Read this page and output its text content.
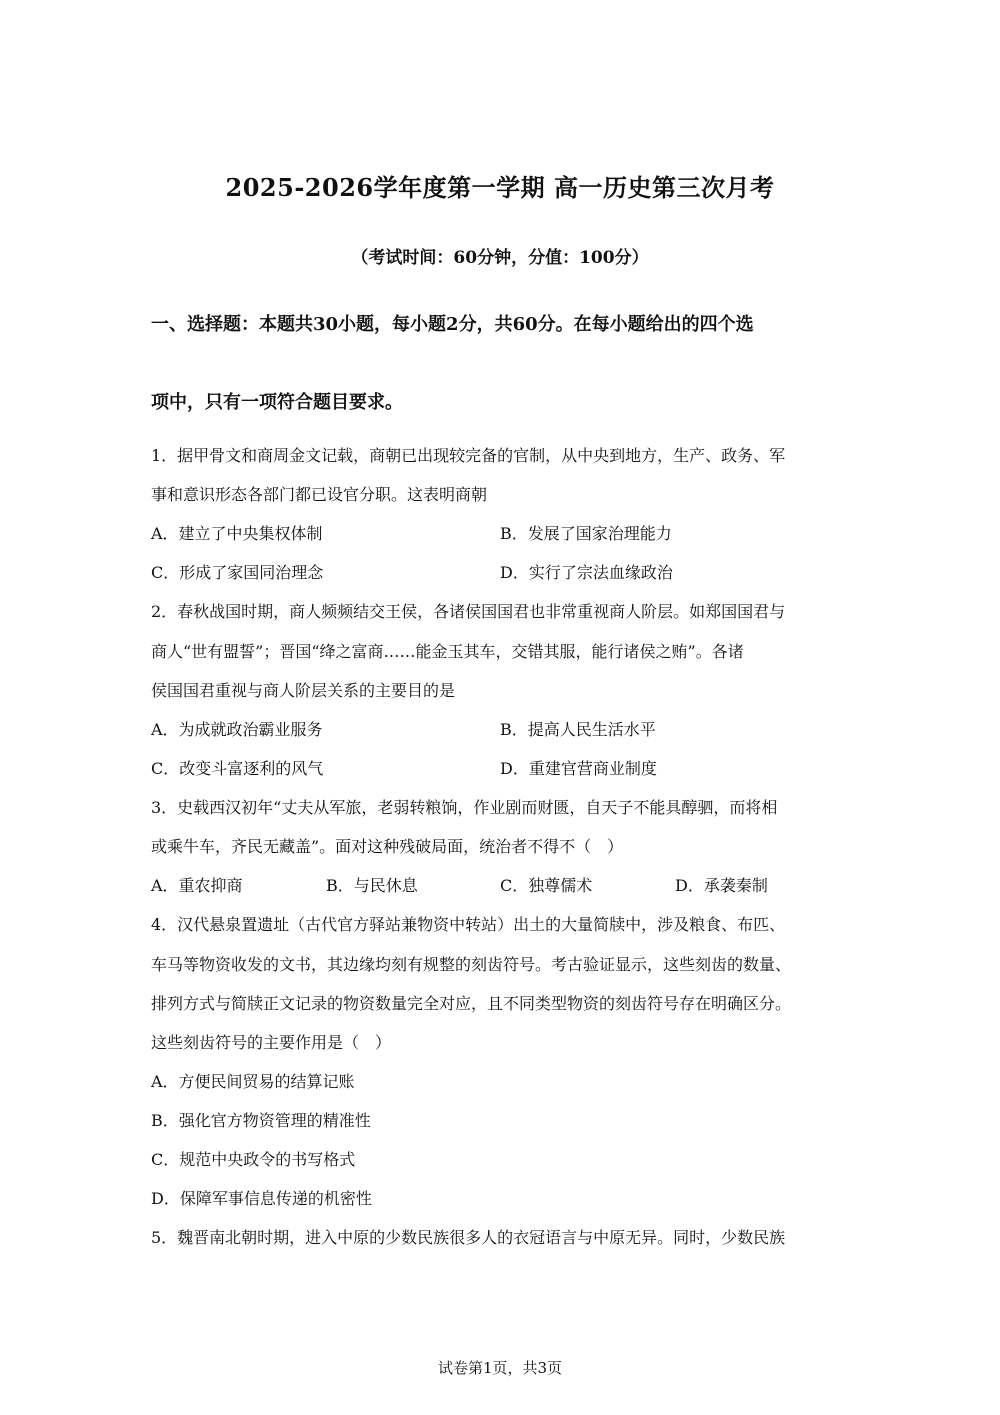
2025-2026学年度第一学期 高一历史第三次月考
（考试时间：60分钟，分值：100分）
一、选择题：本题共30小题，每小题2分，共60分。在每小题给出的四个选
项中，只有一项符合题目要求。
1．据甲骨文和商周金文记载，商朝已出现较完备的官制，从中央到地方，生产、政务、军
事和意识形态各部门都已设官分职。这表明商朝
A．建立了中央集权体制	B．发展了国家治理能力
C．形成了家国同治理念	D．实行了宗法血缘政治
2．春秋战国时期，商人频频结交王侯，各诸侯国国君也非常重视商人阶层。如郑国国君与
商人“世有盟誓”；晋国“绛之富商……能金玉其车，交错其服，能行诸侯之贿”。各诸
侯国国君重视与商人阶层关系的主要目的是
A．为成就政治霸业服务	B．提高人民生活水平
C．改变斗富逐利的风气	D．重建官营商业制度
3．史载西汉初年“丈夫从军旅，老弱转粮饷，作业剧而财匮，自天子不能具醇驷，而将相
或乘牛车，齐民无藏盖”。面对这种残破局面，统治者不得不（　）
A．重农抑商	B．与民休息	C．独尊儒术	D．承袭秦制
4．汉代悬泉置遗址（古代官方驿站兼物资中转站）出土的大量简牍中，涉及粮食、布匹、
车马等物资收发的文书，其边缘均刻有规整的刻齿符号。考古验证显示，这些刻齿的数量、
排列方式与简牍正文记录的物资数量完全对应，且不同类型物资的刻齿符号存在明确区分。
这些刻齿符号的主要作用是（　）
A．方便民间贸易的结算记账
B．强化官方物资管理的精准性
C．规范中央政令的书写格式
D．保障军事信息传递的机密性
5．魏晋南北朝时期，进入中原的少数民族很多人的衣冠语言与中原无异。同时，少数民族
试卷第1页，共3页
